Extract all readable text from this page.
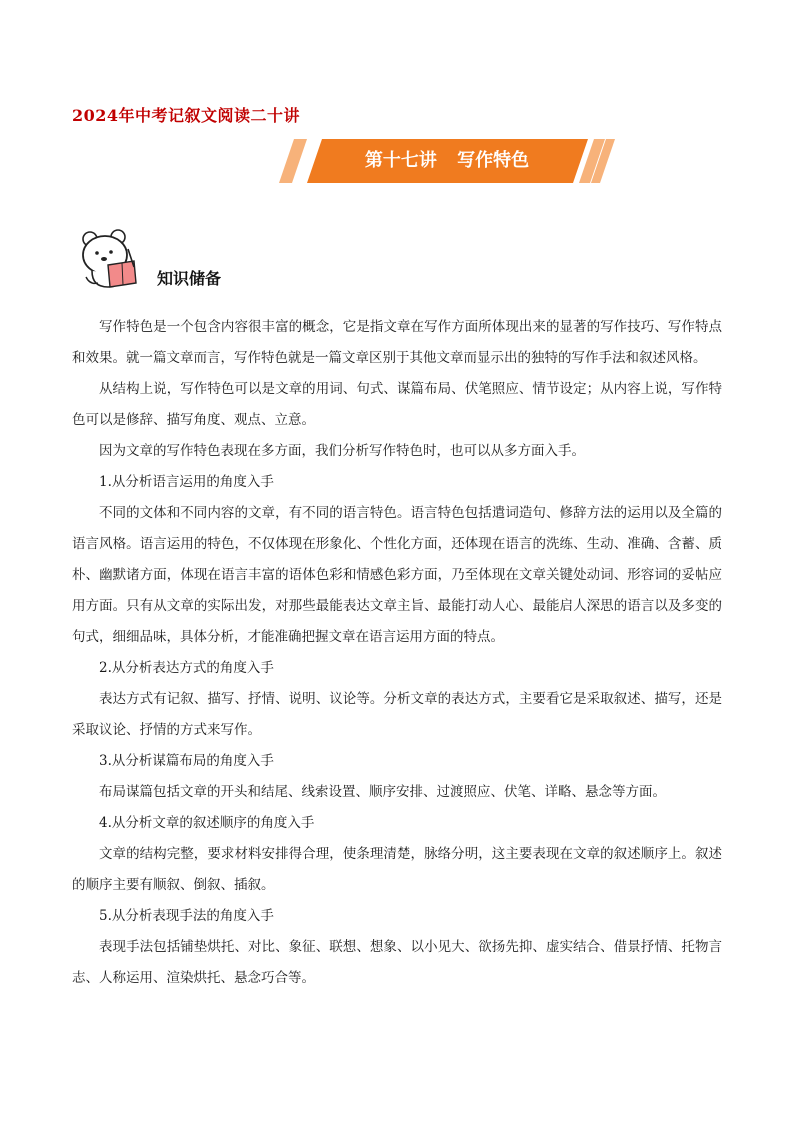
2024年中考记叙文阅读二十讲
第十七讲 写作特色
知识储备

写作特色是一个包含内容很丰富的概念，它是指文章在写作方面所体现出来的显著的写作技巧、写作特点和效果。就一篇文章而言，写作特色就是一篇文章区别于其他文章而显示出的独特的写作手法和叙述风格。

从结构上说，写作特色可以是文章的用词、句式、谋篇布局、伏笔照应、情节设定；从内容上说，写作特色可以是修辞、描写角度、观点、立意。

因为文章的写作特色表现在多方面，我们分析写作特色时，也可以从多方面入手。

1.从分析语言运用的角度入手

不同的文体和不同内容的文章，有不同的语言特色。语言特色包括遣词造句、修辞方法的运用以及全篇的语言风格。语言运用的特色，不仅体现在形象化、个性化方面，还体现在语言的洗练、生动、准确、含蓄、质朴、幽默诸方面，体现在语言丰富的语体色彩和情感色彩方面，乃至体现在文章关键处动词、形容词的妥帖应用方面。只有从文章的实际出发，对那些最能表达文章主旨、最能打动人心、最能启人深思的语言以及多变的句式，细细品味，具体分析，才能准确把握文章在语言运用方面的特点。

2.从分析表达方式的角度入手

表达方式有记叙、描写、抒情、说明、议论等。分析文章的表达方式，主要看它是采取叙述、描写，还是采取议论、抒情的方式来写作。

3.从分析谋篇布局的角度入手

布局谋篇包括文章的开头和结尾、线索设置、顺序安排、过渡照应、伏笔、详略、悬念等方面。

4.从分析文章的叙述顺序的角度入手

文章的结构完整，要求材料安排得合理，使条理清楚，脉络分明，这主要表现在文章的叙述顺序上。叙述的顺序主要有顺叙、倒叙、插叙。

5.从分析表现手法的角度入手

表现手法包括铺垫烘托、对比、象征、联想、想象、以小见大、欲扬先抑、虚实结合、借景抒情、托物言志、人称运用、渲染烘托、悬念巧合等。
